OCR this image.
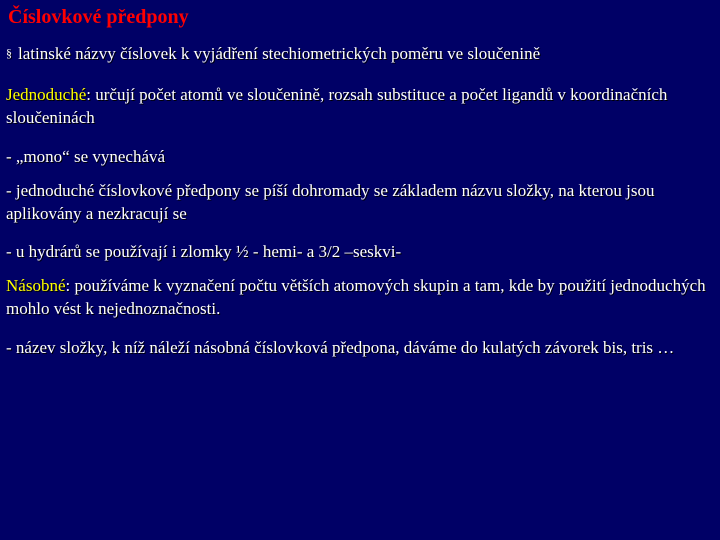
Číslovkové předpony

§ latinské názvy číslovek k vyjádření stechiometrických poměru ve sloučenině

Jednoduché: určují počet atomů ve sloučenině, rozsah substituce a počet ligandů v koordinačních sloučeninách

- „mono“ se vynechává

- jednoduché číslovkové předpony se píší dohromady se základem názvu složky, na kterou jsou aplikovány a nezkracují se

- u hydrárů se používají i zlomky ½ - hemi- a 3/2 –seskvi-

Násobné: používáme k vyznačení počtu větších atomových skupin a tam, kde by použití jednoduchých mohlo vést k nejednoznačnosti.

- název složky, k níž náleží násobná číslovková předpona, dáváme do kulatých závorek bis, tris …
